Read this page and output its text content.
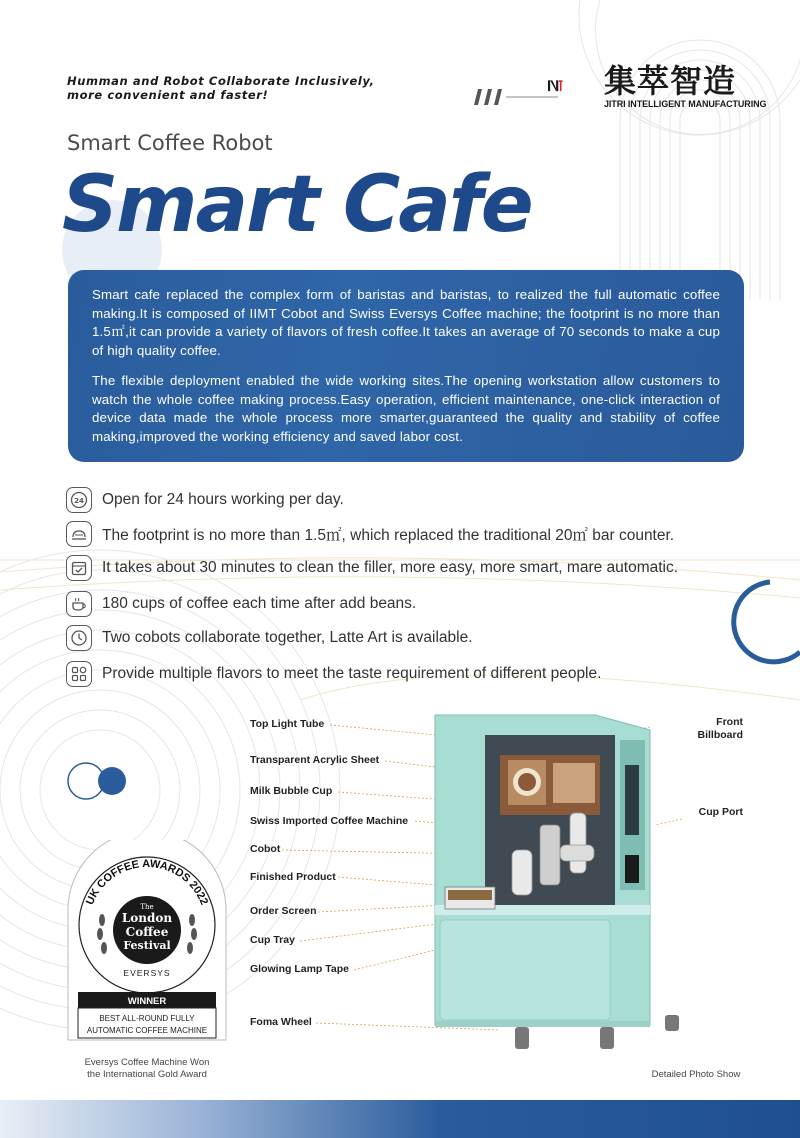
Humman and Robot Collaborate Inclusively,
more convenient and faster!	集萃智造
JITRI INTELLIGENT MANUFACTURING
Smart Coffee Robot
Smart Cafe

Smart cafe replaced the complex form of baristas and baristas, to realized the full automatic coffee making.It is composed of IIMT Cobot and Swiss Eversys Coffee machine; the footprint is no more than 1.5㎡,it can provide a variety of flavors of fresh coffee.It takes an average of 70 seconds to make a cup of high quality coffee.

The flexible deployment enabled the wide working sites.The opening workstation allow customers to watch the whole coffee making process.Easy operation, efficient maintenance, one-click interaction of device data made the whole process more smarter,guaranteed the quality and stability of coffee making,improved the working efficiency and saved labor cost.

24 Open for 24 hours working per day.
The footprint is no more than 1.5㎡, which replaced the traditional 20㎡ bar counter.
It takes about 30 minutes to clean the filler, more easy, more smart, mare automatic.
180 cups of coffee each time after add beans.
Two cobots collaborate together, Latte Art is available.
Provide multiple flavors to meet the taste requirement of different people.
Top Light Tube
Transparent Acrylic Sheet
Milk Bubble Cup
Swiss Imported Coffee Machine
Cobot
Finished Product
Order Screen
Cup Tray
Glowing Lamp Tape
Foma Wheel
Front
Billboard
Cup Port
Detailed Photo Show
UK COFFEE AWARDS 2022
The
London
Coffee
Festival
EVERSYS
WINNER
BEST ALL-ROUND FULLY
AUTOMATIC COFFEE MACHINE
Eversys Coffee Machine Won
the International Gold Award
